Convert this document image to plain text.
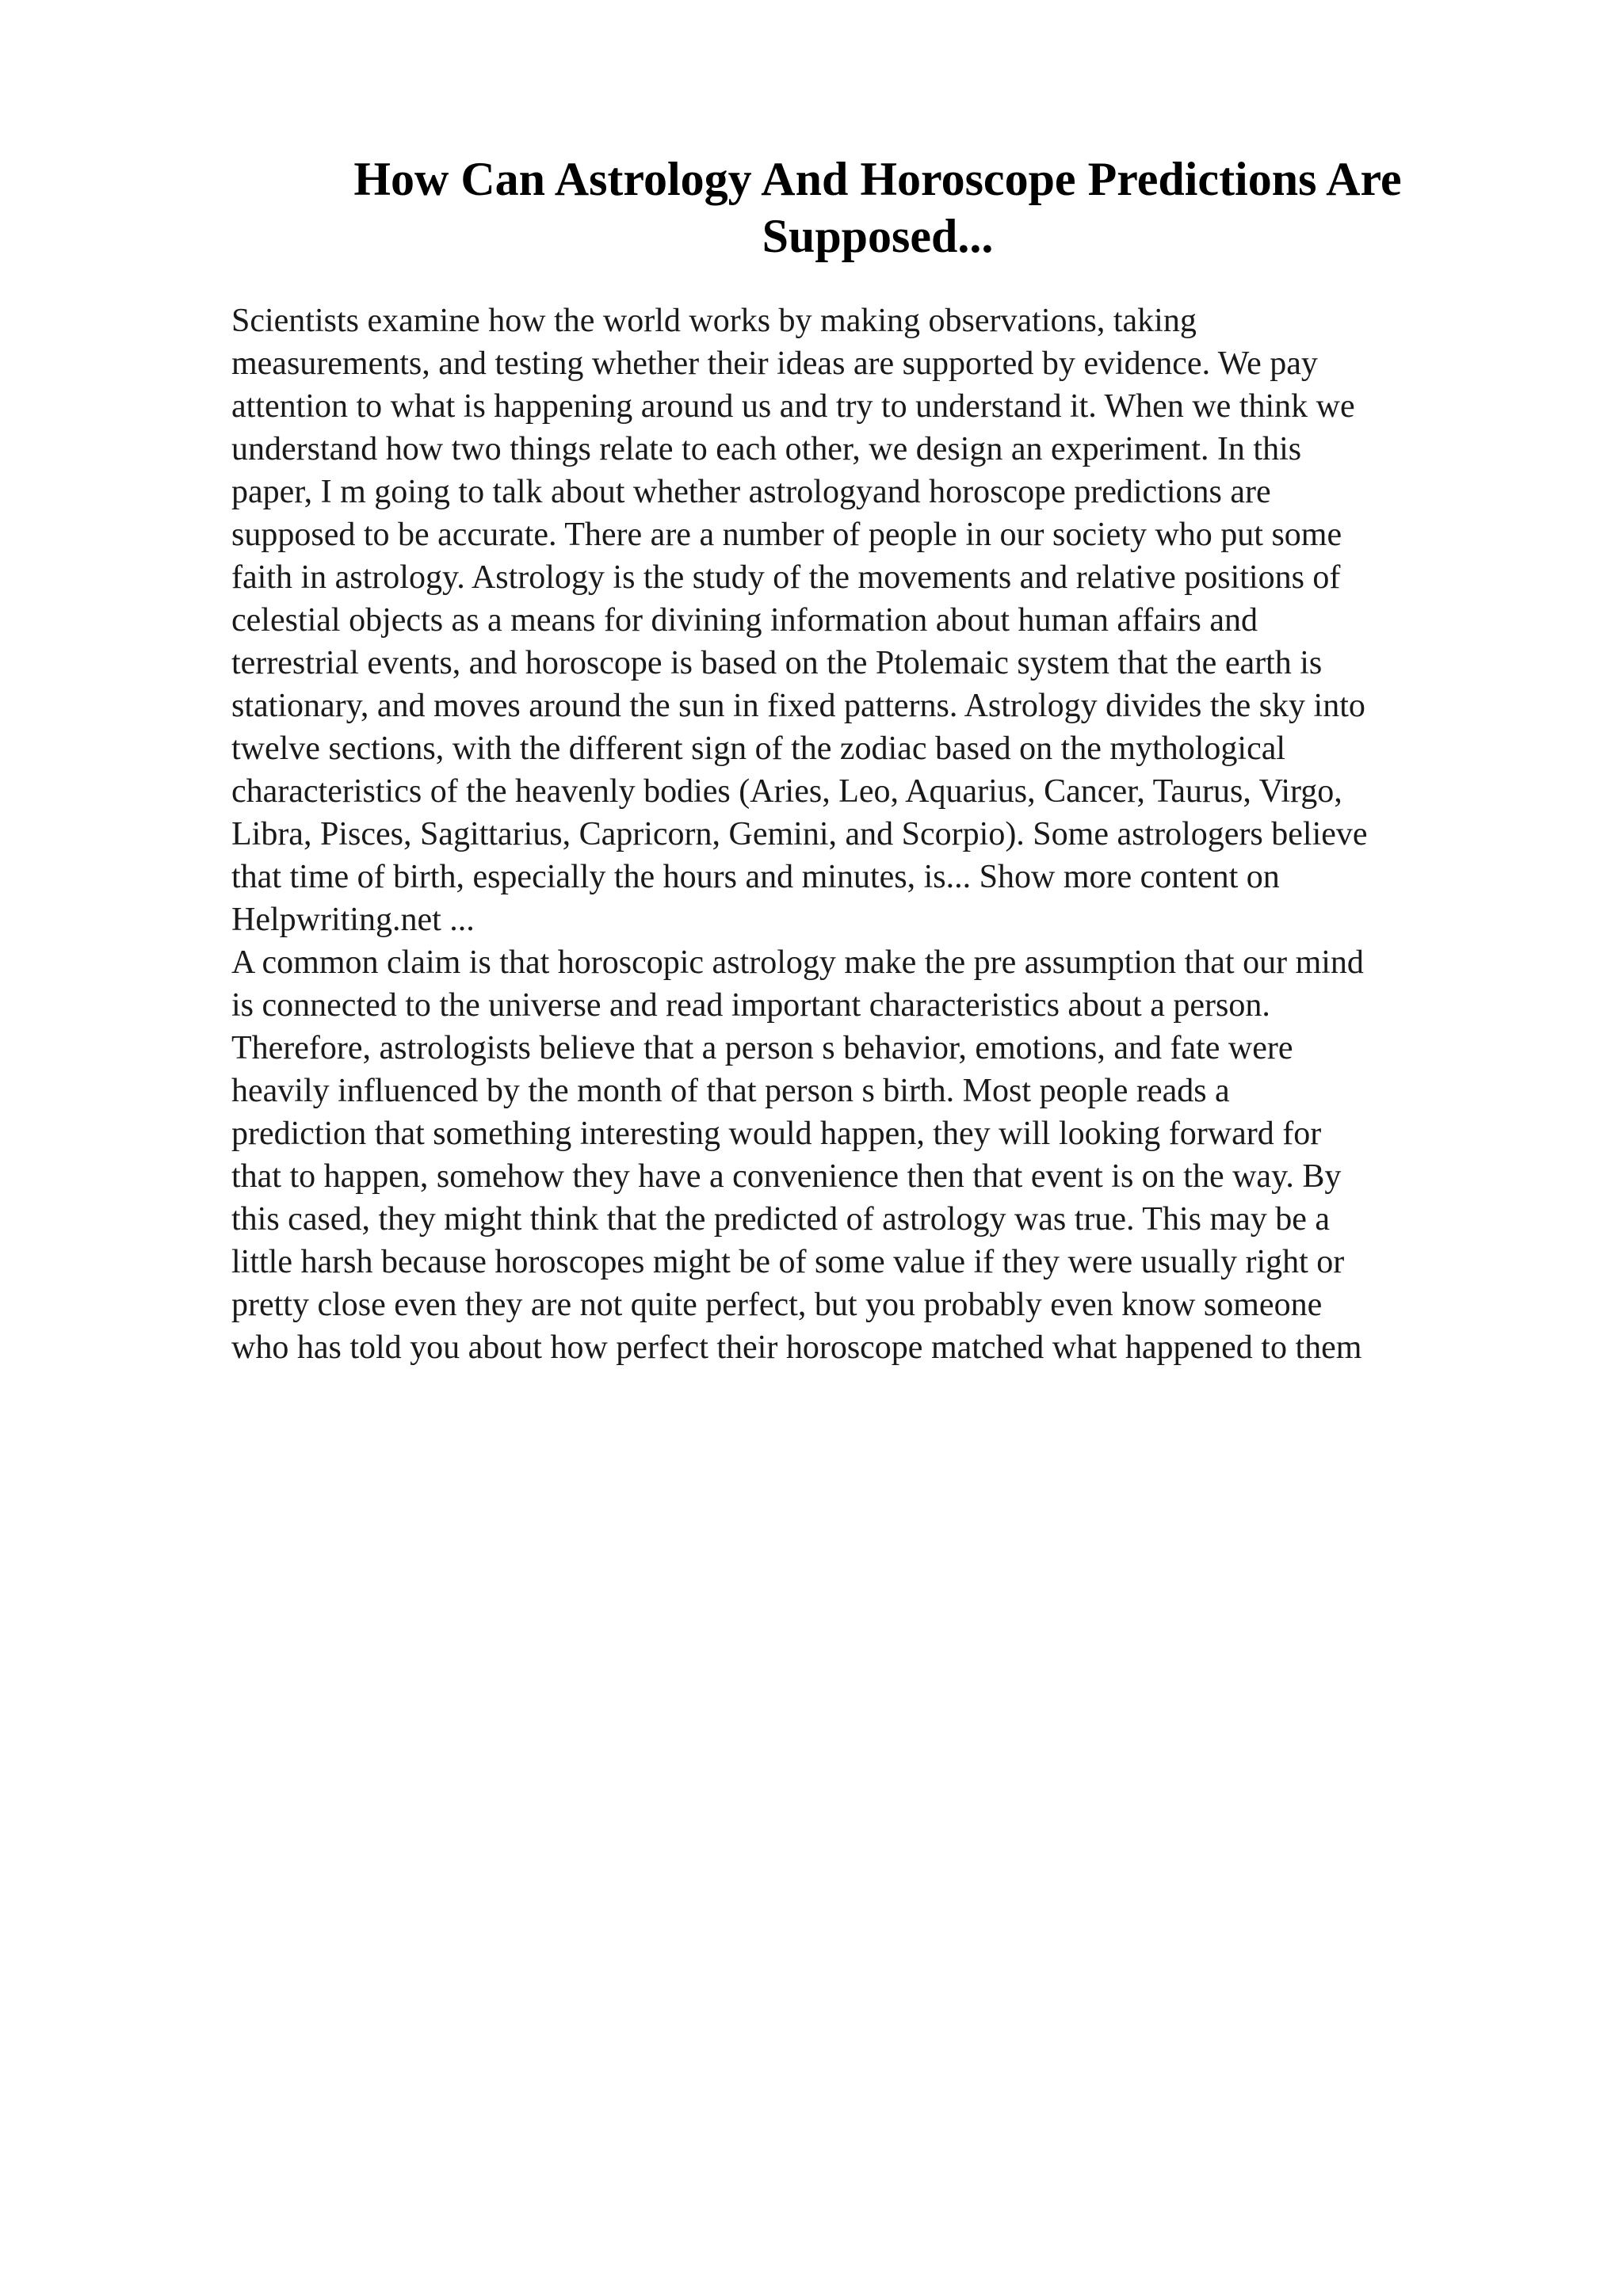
How Can Astrology And Horoscope Predictions Are
Supposed...

Scientists examine how the world works by making observations, taking
measurements, and testing whether their ideas are supported by evidence. We pay
attention to what is happening around us and try to understand it. When we think we
understand how two things relate to each other, we design an experiment. In this
paper, I m going to talk about whether astrologyand horoscope predictions are
supposed to be accurate. There are a number of people in our society who put some
faith in astrology. Astrology is the study of the movements and relative positions of
celestial objects as a means for divining information about human affairs and
terrestrial events, and horoscope is based on the Ptolemaic system that the earth is
stationary, and moves around the sun in fixed patterns. Astrology divides the sky into
twelve sections, with the different sign of the zodiac based on the mythological
characteristics of the heavenly bodies (Aries, Leo, Aquarius, Cancer, Taurus, Virgo,
Libra, Pisces, Sagittarius, Capricorn, Gemini, and Scorpio). Some astrologers believe
that time of birth, especially the hours and minutes, is... Show more content on
Helpwriting.net ...

A common claim is that horoscopic astrology make the pre assumption that our mind
is connected to the universe and read important characteristics about a person.
Therefore, astrologists believe that a person s behavior, emotions, and fate were
heavily influenced by the month of that person s birth. Most people reads a
prediction that something interesting would happen, they will looking forward for
that to happen, somehow they have a convenience then that event is on the way. By
this cased, they might think that the predicted of astrology was true. This may be a
little harsh because horoscopes might be of some value if they were usually right or
pretty close even they are not quite perfect, but you probably even know someone
who has told you about how perfect their horoscope matched what happened to them
